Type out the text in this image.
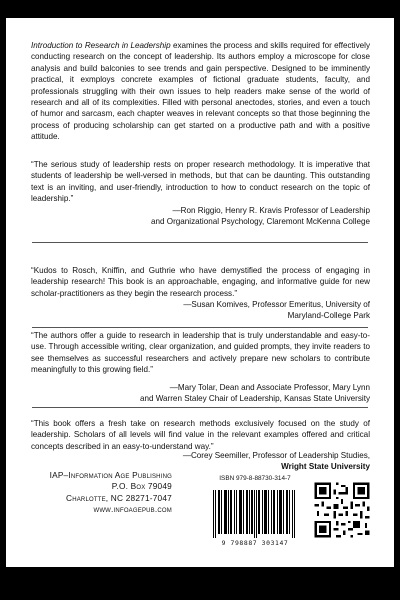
Introduction to Research in Leadership examines the process and skills required for effectively conducting research on the concept of leadership. Its authors employ a microscope for close analysis and build balconies to see trends and gain perspective. Designed to be imminently practical, it exmploys concrete examples of fictional graduate students, faculty, and professionals struggling with their own issues to help readers make sense of the world of research and all of its complexities. Filled with personal anectodes, stories, and even a touch of humor and sarcasm, each chapter weaves in relevant concepts so that those beginning the process of producing scholarship can get started on a productive path and with a positive attitude.

“The serious study of leadership rests on proper research methodology. It is imperative that students of leadership be well-versed in methods, but that can be daunting. This outstanding text is an inviting, and user-friendly, introduction to how to conduct research on the topic of leadership.”

—Ron Riggio, Henry R. Kravis Professor of Leadership
and Organizational Psychology, Claremont McKenna College

“Kudos to Rosch, Kniffin, and Guthrie who have demystified the process of engaging in leadership research! This book is an approachable, engaging, and informative guide for new scholar-practitioners as they begin the research process.”

—Susan Komives, Professor Emeritus, University of
Maryland-College Park

“The authors offer a guide to research in leadership that is truly understandable and easy-to-use. Through accessible writing, clear organization, and guided prompts, they invite readers to see themselves as successful researchers and actively prepare new scholars to contribute meaningfully to this growing field.”

—Mary Tolar, Dean and Associate Professor, Mary Lynn
and Warren Staley Chair of Leadership, Kansas State University

“This book offers a fresh take on research methods exclusively focused on the study of leadership. Scholars of all levels will find value in the relevant examples offered and critical concepts described in an easy-to-understand way.”

—Corey Seemiller, Professor of Leadership Studies,
Wright State University
IAP–Information Age Publishing
P.O. Box 79049
Charlotte, NC 28271-7047
www.infoagepub.com
ISBN 979-8-88730-314-7
9 798887 303147
